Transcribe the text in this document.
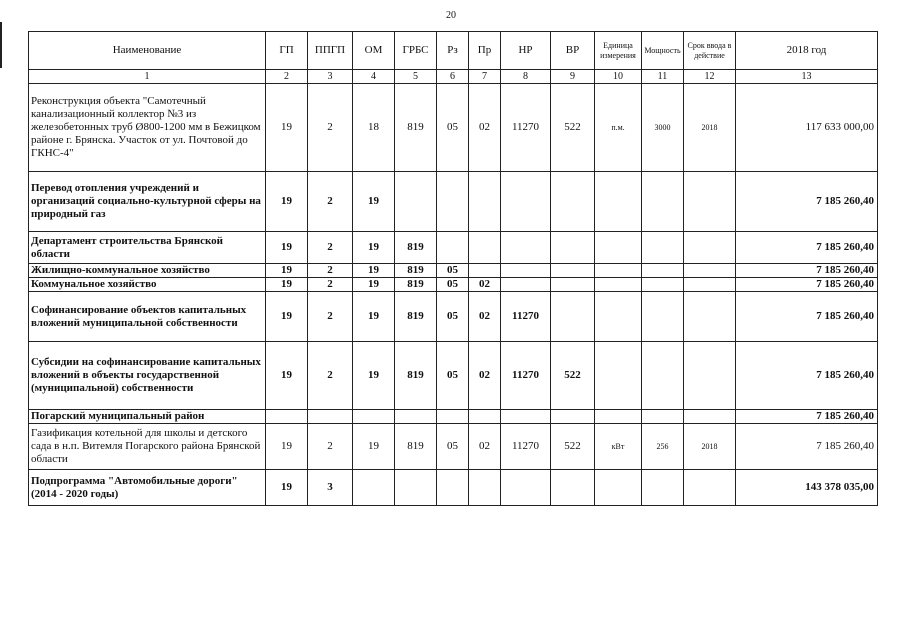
20
Наименование	ГП	ППГП	ОМ	ГРБС	Рз	Пр	НР	ВР	Единица измерения	Мощность	Срок ввода в действие	2018 год
1	2	3	4	5	6	7	8	9	10	11	12	13
Реконструкция объекта "Самотечный канализационный коллектор №3 из железобетонных труб Ø800-1200 мм в Бежицком районе г. Брянска. Участок от ул. Почтовой до ГКНС-4"	19	2	18	819	05	02	11270	522	п.м.	3000	2018	117 633 000,00
Перевод отопления учреждений и организаций социально-культурной сферы на природный газ	19	2	19									7 185 260,40
Департамент строительства Брянской области	19	2	19	819								7 185 260,40
Жилищно-коммунальное хозяйство	19	2	19	819	05							7 185 260,40
Коммунальное хозяйство	19	2	19	819	05	02						7 185 260,40
Софинансирование объектов капитальных вложений муниципальной собственности	19	2	19	819	05	02	11270					7 185 260,40
Субсидии на софинансирование капитальных вложений в объекты государственной (муниципальной) собственности	19	2	19	819	05	02	11270	522				7 185 260,40
Погарский муниципальный район												7 185 260,40
Газификация котельной для школы и детского сада в н.п. Витемля Погарского района Брянской области	19	2	19	819	05	02	11270	522	кВт	256	2018	7 185 260,40
Подпрограмма "Автомобильные дороги" (2014 - 2020 годы)	19	3										143 378 035,00
